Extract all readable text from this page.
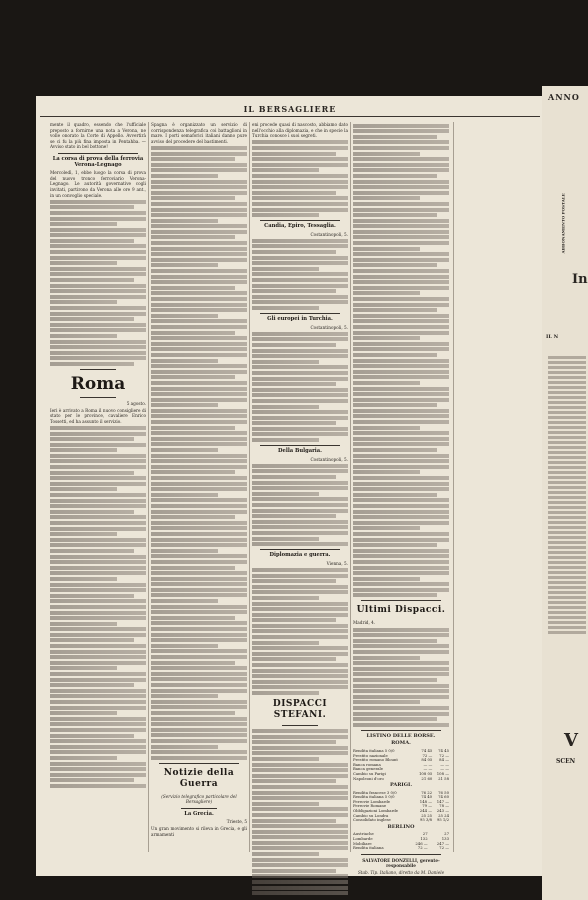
IL BERSAGLIERE

mente il quadro, essendo che l'ufficiale preposto a fornirne una nota a Verona, ne volle onorato la Corte di Appello. Avvertirà se ci fu la più fina imposta in Pentahba. — Avviso stato in bel bottone!

La corsa di prova della ferrovia Verona-Legnago

Mercoledì, 1, ebbe luogo la corsa di prova del nuovo tronco ferroviario Verona-Legnago. Le autorità governative cogli invitati, partirono da Verona alle ore 9 ant., in un convoglio speciale.

Roma

5 agosto.

Ieri è arrivato a Roma il nuovo consigliere di stato per le province, cavaliere Enrico Tossetti, ed ha assunto il servizio.

Spagna è organizzato un servizio di corrispondenza telegrafica coi battaglioni in mare. I porti semaforici italiani danno pure avviso del procedere del bastimenti.

Notizie della Guerra

(Servizio telegrafico particolare del Bersagliere)

La Grecia.

Trieste, 5

Un gran movimento si rileva in Grecia, e gli armamenti

eni procede quasi di nascosto, abbiamo dato nell'occhio alla diplomazia, e che in specie la Turchia conosce i suoi segreti.

Candia, Epiro, Tessaglia.

Costantinopoli, 5.

Gli europei in Turchia.

Costantinopoli, 5.

Della Bulgaria.

Costantinopoli, 5.

Diplomazia e guerra.

Vienna, 5.

DISPACCI STEFANI.
Ultimi Dispacci.

Madrid, 4.

LISTINO DELLE BORSE.
ROMA.
Rendita italiana 5 0/0	74 45	74 45
Prestito nazionale	72 —	72 —
Prestito romano Blount	84 05	84 —
Banca romana	— —	— —
Banca generale	— —	— —
Cambio su Parigi	108 05	108 —
Napoleoni d'oro	21 60	21 58
PARIGI.
Rendita francese 3 0/0	76 22	76 50
Rendita italiana 5 0/0	74 40	74 60
Ferrovie Lombarde	148 —	147 —
Ferrovie Romane	79 —	78 —
Obbligazioni Lombarde	244 —	243 —
Cambio su Londra	25 25	25 24
Consolidato inglese	95 3/8	95 1/2
BERLINO
Austriache	27	27
Lombarde	132	133
Mobiliare	246 —	247 —
Rendita italiana	72 —	72 —

SALVATORE DONZELLI, gerente-responsabile

Stab. Tip. Italiano, diretto da M. Daniele

ANNO
ABBONAMENTO POSTALE
In
IL N
V
SCEN
